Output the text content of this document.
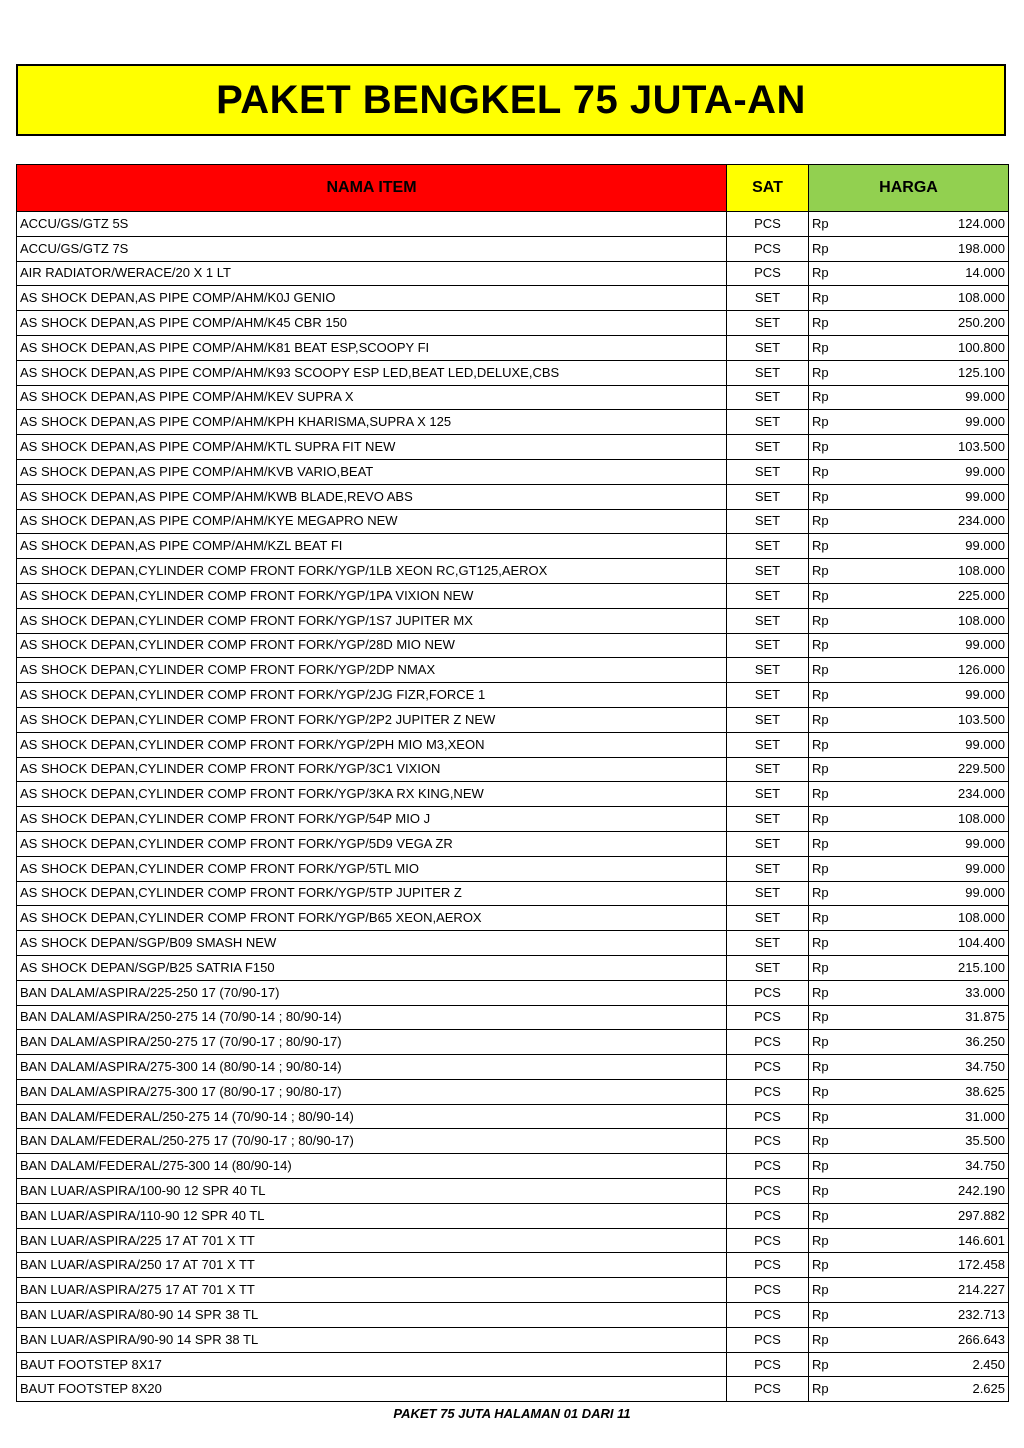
PAKET BENGKEL 75 JUTA-AN
NAMA ITEM	SAT	HARGA	
ACCU/GS/GTZ 5S	PCS	Rp	124.000
ACCU/GS/GTZ 7S	PCS	Rp	198.000
AIR RADIATOR/WERACE/20 X 1 LT	PCS	Rp	14.000
AS SHOCK DEPAN,AS PIPE COMP/AHM/K0J GENIO	SET	Rp	108.000
AS SHOCK DEPAN,AS PIPE COMP/AHM/K45 CBR 150	SET	Rp	250.200
AS SHOCK DEPAN,AS PIPE COMP/AHM/K81 BEAT ESP,SCOOPY FI	SET	Rp	100.800
AS SHOCK DEPAN,AS PIPE COMP/AHM/K93 SCOOPY ESP LED,BEAT LED,DELUXE,CBS	SET	Rp	125.100
AS SHOCK DEPAN,AS PIPE COMP/AHM/KEV SUPRA X	SET	Rp	99.000
AS SHOCK DEPAN,AS PIPE COMP/AHM/KPH KHARISMA,SUPRA X 125	SET	Rp	99.000
AS SHOCK DEPAN,AS PIPE COMP/AHM/KTL SUPRA FIT NEW	SET	Rp	103.500
AS SHOCK DEPAN,AS PIPE COMP/AHM/KVB VARIO,BEAT	SET	Rp	99.000
AS SHOCK DEPAN,AS PIPE COMP/AHM/KWB BLADE,REVO ABS	SET	Rp	99.000
AS SHOCK DEPAN,AS PIPE COMP/AHM/KYE MEGAPRO NEW	SET	Rp	234.000
AS SHOCK DEPAN,AS PIPE COMP/AHM/KZL BEAT FI	SET	Rp	99.000
AS SHOCK DEPAN,CYLINDER COMP FRONT FORK/YGP/1LB XEON RC,GT125,AEROX	SET	Rp	108.000
AS SHOCK DEPAN,CYLINDER COMP FRONT FORK/YGP/1PA VIXION NEW	SET	Rp	225.000
AS SHOCK DEPAN,CYLINDER COMP FRONT FORK/YGP/1S7 JUPITER MX	SET	Rp	108.000
AS SHOCK DEPAN,CYLINDER COMP FRONT FORK/YGP/28D MIO NEW	SET	Rp	99.000
AS SHOCK DEPAN,CYLINDER COMP FRONT FORK/YGP/2DP NMAX	SET	Rp	126.000
AS SHOCK DEPAN,CYLINDER COMP FRONT FORK/YGP/2JG FIZR,FORCE 1	SET	Rp	99.000
AS SHOCK DEPAN,CYLINDER COMP FRONT FORK/YGP/2P2 JUPITER Z NEW	SET	Rp	103.500
AS SHOCK DEPAN,CYLINDER COMP FRONT FORK/YGP/2PH MIO M3,XEON	SET	Rp	99.000
AS SHOCK DEPAN,CYLINDER COMP FRONT FORK/YGP/3C1 VIXION	SET	Rp	229.500
AS SHOCK DEPAN,CYLINDER COMP FRONT FORK/YGP/3KA RX KING,NEW	SET	Rp	234.000
AS SHOCK DEPAN,CYLINDER COMP FRONT FORK/YGP/54P MIO J	SET	Rp	108.000
AS SHOCK DEPAN,CYLINDER COMP FRONT FORK/YGP/5D9 VEGA ZR	SET	Rp	99.000
AS SHOCK DEPAN,CYLINDER COMP FRONT FORK/YGP/5TL MIO	SET	Rp	99.000
AS SHOCK DEPAN,CYLINDER COMP FRONT FORK/YGP/5TP JUPITER Z	SET	Rp	99.000
AS SHOCK DEPAN,CYLINDER COMP FRONT FORK/YGP/B65 XEON,AEROX	SET	Rp	108.000
AS SHOCK DEPAN/SGP/B09 SMASH NEW	SET	Rp	104.400
AS SHOCK DEPAN/SGP/B25 SATRIA F150	SET	Rp	215.100
BAN DALAM/ASPIRA/225-250 17 (70/90-17)	PCS	Rp	33.000
BAN DALAM/ASPIRA/250-275 14 (70/90-14 ; 80/90-14)	PCS	Rp	31.875
BAN DALAM/ASPIRA/250-275 17 (70/90-17 ; 80/90-17)	PCS	Rp	36.250
BAN DALAM/ASPIRA/275-300 14 (80/90-14 ; 90/80-14)	PCS	Rp	34.750
BAN DALAM/ASPIRA/275-300 17 (80/90-17 ; 90/80-17)	PCS	Rp	38.625
BAN DALAM/FEDERAL/250-275 14 (70/90-14 ; 80/90-14)	PCS	Rp	31.000
BAN DALAM/FEDERAL/250-275 17 (70/90-17 ; 80/90-17)	PCS	Rp	35.500
BAN DALAM/FEDERAL/275-300 14 (80/90-14)	PCS	Rp	34.750
BAN LUAR/ASPIRA/100-90 12 SPR 40 TL	PCS	Rp	242.190
BAN LUAR/ASPIRA/110-90 12 SPR 40 TL	PCS	Rp	297.882
BAN LUAR/ASPIRA/225 17 AT 701 X TT	PCS	Rp	146.601
BAN LUAR/ASPIRA/250 17 AT 701 X TT	PCS	Rp	172.458
BAN LUAR/ASPIRA/275 17 AT 701 X TT	PCS	Rp	214.227
BAN LUAR/ASPIRA/80-90 14 SPR 38 TL	PCS	Rp	232.713
BAN LUAR/ASPIRA/90-90 14 SPR 38 TL	PCS	Rp	266.643
BAUT FOOTSTEP 8X17	PCS	Rp	2.450
BAUT FOOTSTEP 8X20	PCS	Rp	2.625
PAKET 75 JUTA HALAMAN 01 DARI 11
